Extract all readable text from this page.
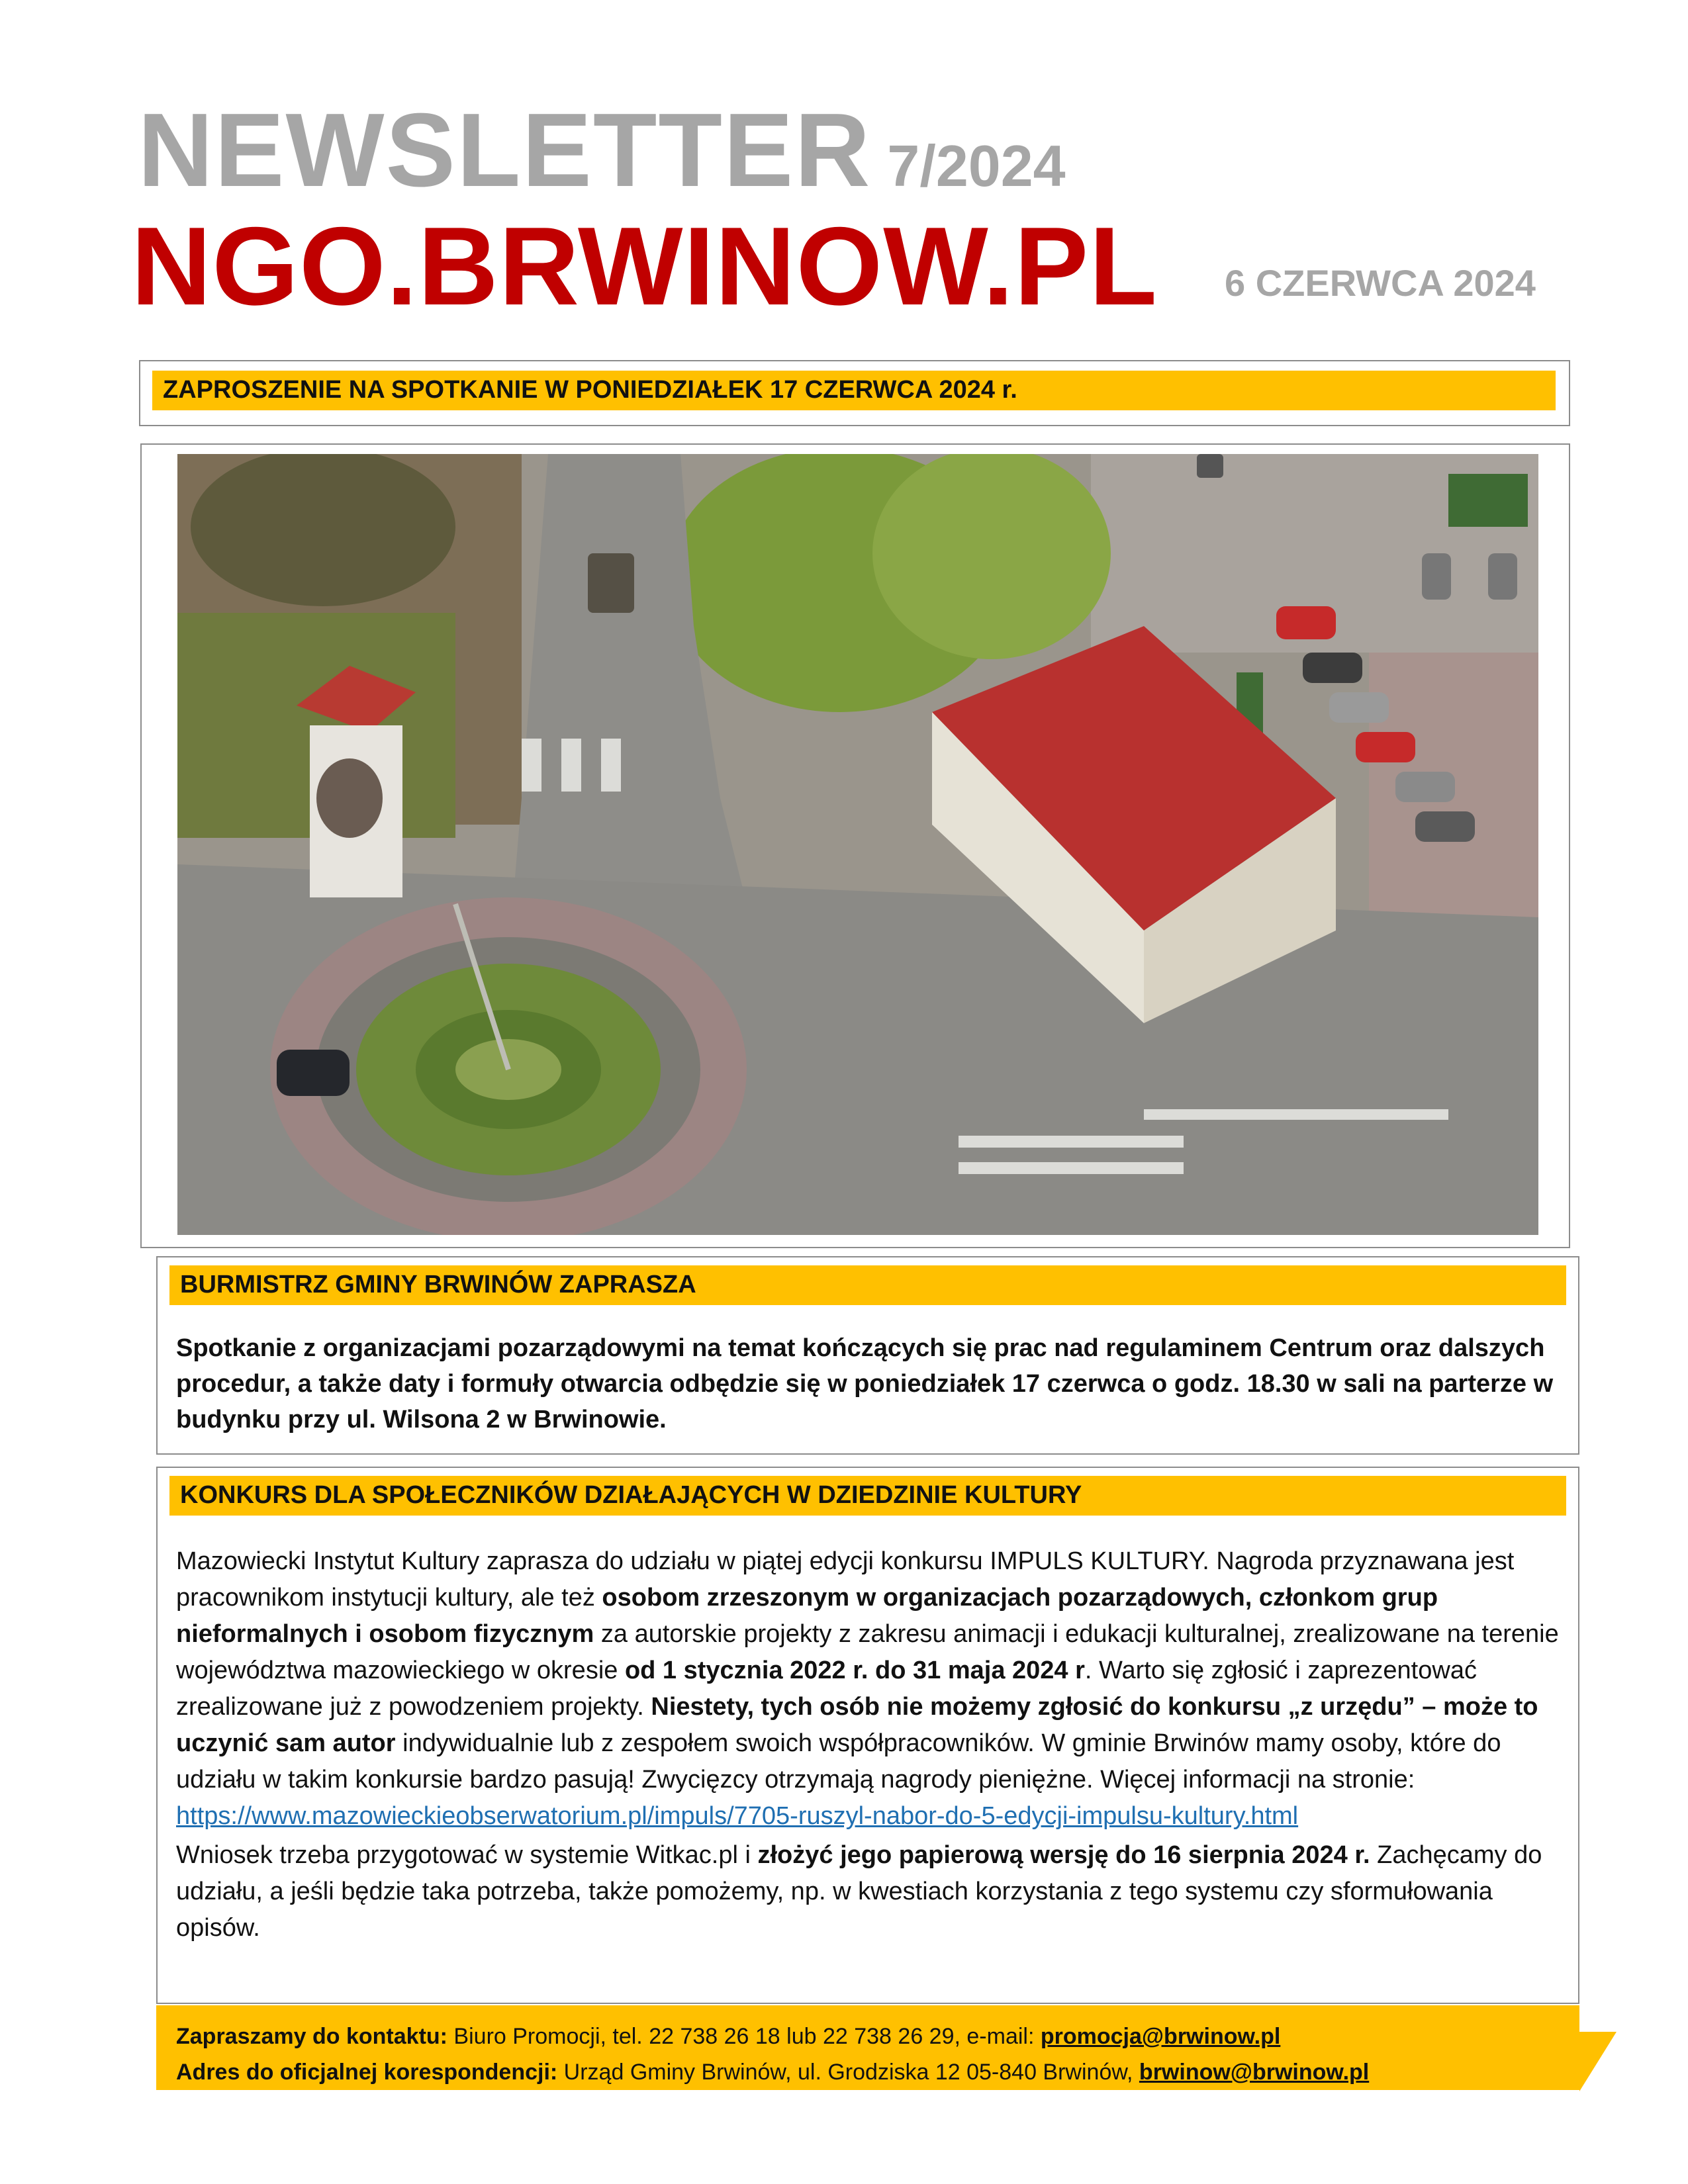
NEWSLETTER 7/2024
NGO.BRWINOW.PL 6 CZERWCA 2024
ZAPROSZENIE NA SPOTKANIE W PONIEDZIAŁEK 17 CZERWCA 2024 r.
BURMISTRZ GMINY BRWINÓW ZAPRASZA
Spotkanie z organizacjami pozarządowymi na temat kończących się prac nad regulaminem Centrum oraz dalszych procedur, a także daty i formuły otwarcia odbędzie się w poniedziałek 17 czerwca o godz. 18.30 w sali na parterze w budynku przy ul. Wilsona 2 w Brwinowie.
KONKURS DLA SPOŁECZNIKÓW DZIAŁAJĄCYCH W DZIEDZINIE KULTURY
Mazowiecki Instytut Kultury zaprasza do udziału w piątej edycji konkursu IMPULS KULTURY. Nagroda przyznawana jest pracownikom instytucji kultury, ale też osobom zrzeszonym w organizacjach pozarządowych, członkom grup nieformalnych i osobom fizycznym za autorskie projekty z zakresu animacji i edukacji kulturalnej, zrealizowane na terenie województwa mazowieckiego w okresie od 1 stycznia 2022 r. do 31 maja 2024 r. Warto się zgłosić i zaprezentować zrealizowane już z powodzeniem projekty. Niestety, tych osób nie możemy zgłosić do konkursu „z urzędu” – może to uczynić sam autor indywidualnie lub z zespołem swoich współpracowników. W gminie Brwinów mamy osoby, które do udziału w takim konkursie bardzo pasują! Zwycięzcy otrzymają nagrody pieniężne. Więcej informacji na stronie:
https://www.mazowieckieobserwatorium.pl/impuls/7705-ruszyl-nabor-do-5-edycji-impulsu-kultury.html
Wniosek trzeba przygotować w systemie Witkac.pl i złożyć jego papierową wersję do 16 sierpnia 2024 r. Zachęcamy do udziału, a jeśli będzie taka potrzeba, także pomożemy, np. w kwestiach korzystania z tego systemu czy sformułowania opisów.
Zapraszamy do kontaktu: Biuro Promocji, tel. 22 738 26 18 lub 22 738 26 29, e-mail: promocja@brwinow.pl
Adres do oficjalnej korespondencji: Urząd Gminy Brwinów, ul. Grodziska 12 05-840 Brwinów, brwinow@brwinow.pl
